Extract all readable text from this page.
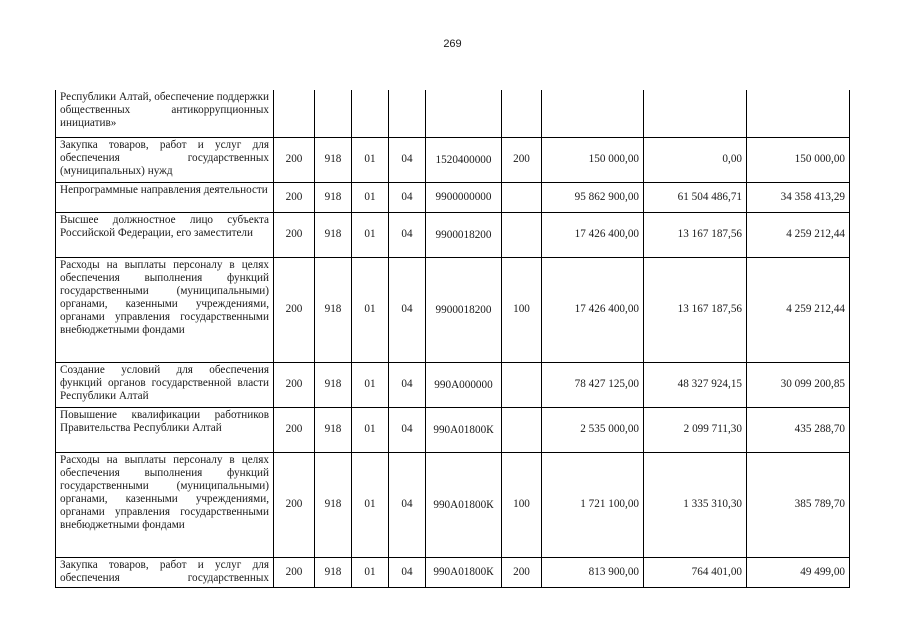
269
Республики Алтай, обеспечение поддержки общественных антикоррупционных инициатив»									
Закупка товаров, работ и услуг для обеспечения государственных (муниципальных) нужд	200	918	01	04	1520400000	200	150 000,00	0,00	150 000,00
Непрограммные направления деятельности	200	918	01	04	9900000000		95 862 900,00	61 504 486,71	34 358 413,29
Высшее должностное лицо субъекта Российской Федерации, его заместители	200	918	01	04	9900018200		17 426 400,00	13 167 187,56	4 259 212,44
Расходы на выплаты персоналу в целях обеспечения выполнения функций государственными (муниципальными) органами, казенными учреждениями, органами управления государственными внебюджетными фондами	200	918	01	04	9900018200	100	17 426 400,00	13 167 187,56	4 259 212,44
Создание условий для обеспечения функций органов государственной власти Республики Алтай	200	918	01	04	990А000000		78 427 125,00	48 327 924,15	30 099 200,85
Повышение квалификации работников Правительства Республики Алтай	200	918	01	04	990А01800К		2 535 000,00	2 099 711,30	435 288,70
Расходы на выплаты персоналу в целях обеспечения выполнения функций государственными (муниципальными) органами, казенными учреждениями, органами управления государственными внебюджетными фондами	200	918	01	04	990А01800К	100	1 721 100,00	1 335 310,30	385 789,70
Закупка товаров, работ и услуг для обеспечения государственных	200	918	01	04	990А01800К	200	813 900,00	764 401,00	49 499,00
